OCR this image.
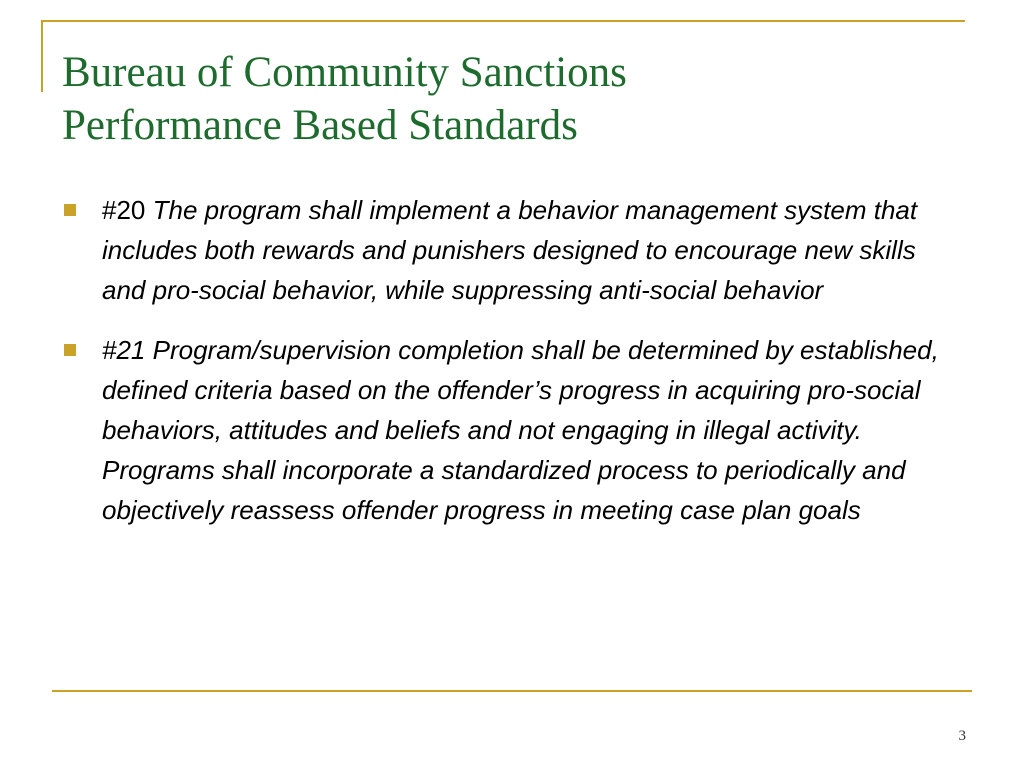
Bureau of Community Sanctions
Performance Based Standards
#20 The program shall implement a behavior management system that includes both rewards and punishers designed to encourage new skills and pro-social behavior, while suppressing anti-social behavior
#21 Program/supervision completion shall be determined by established, defined criteria based on the offender’s progress in acquiring pro-social behaviors, attitudes and beliefs and not engaging in illegal activity. Programs shall incorporate a standardized process to periodically and objectively reassess offender progress in meeting case plan goals
3
